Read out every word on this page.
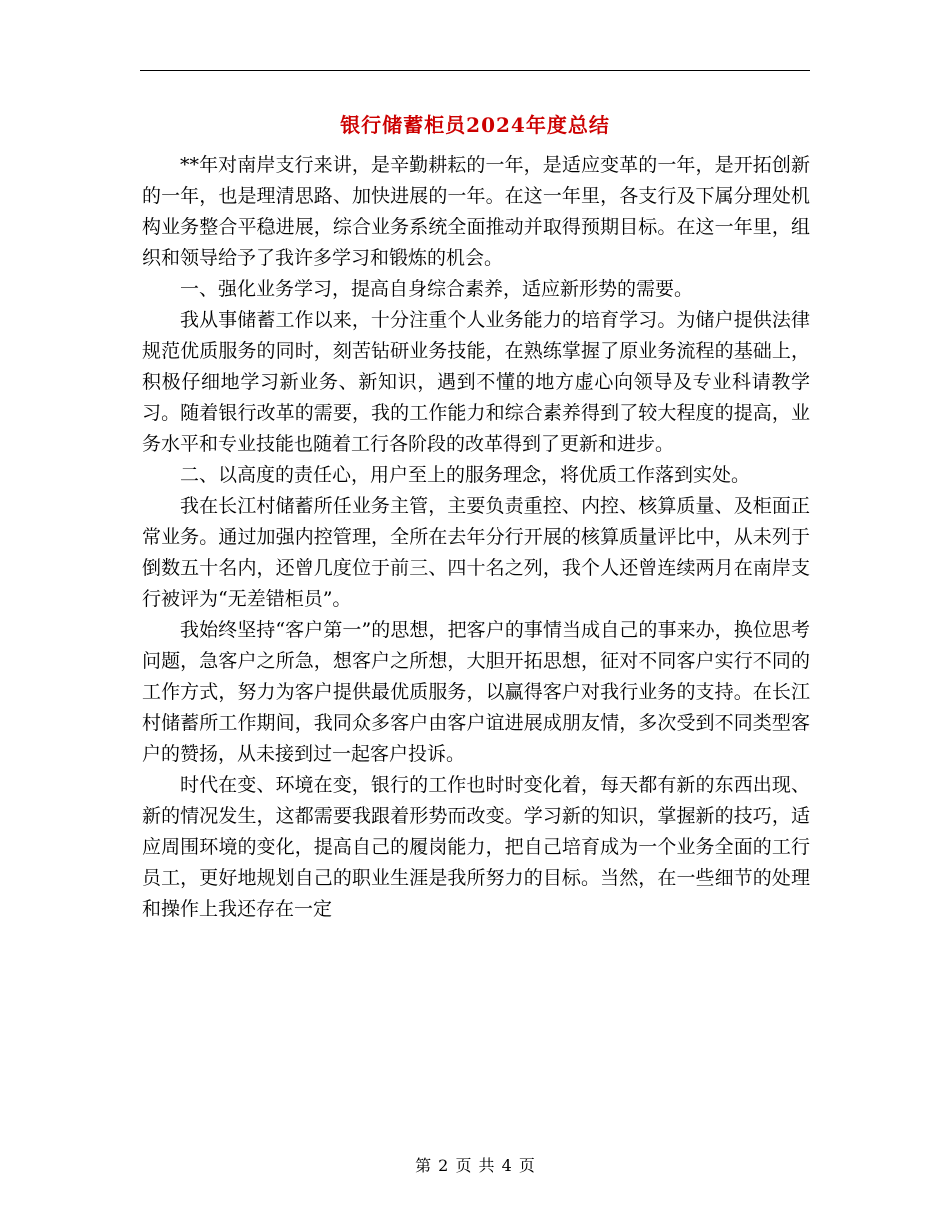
银行储蓄柜员2024年度总结

**年对南岸支行来讲，是辛勤耕耘的一年，是适应变革的一年，是开拓创新的一年，也是理清思路、加快进展的一年。在这一年里，各支行及下属分理处机构业务整合平稳进展，综合业务系统全面推动并取得预期目标。在这一年里，组织和领导给予了我许多学习和锻炼的机会。

一、强化业务学习，提高自身综合素养，适应新形势的需要。

我从事储蓄工作以来，十分注重个人业务能力的培育学习。为储户提供法律规范优质服务的同时，刻苦钻研业务技能，在熟练掌握了原业务流程的基础上，积极仔细地学习新业务、新知识，遇到不懂的地方虚心向领导及专业科请教学习。随着银行改革的需要，我的工作能力和综合素养得到了较大程度的提高，业务水平和专业技能也随着工行各阶段的改革得到了更新和进步。

二、以高度的责任心，用户至上的服务理念，将优质工作落到实处。

我在长江村储蓄所任业务主管，主要负责重控、内控、核算质量、及柜面正常业务。通过加强内控管理，全所在去年分行开展的核算质量评比中，从未列于倒数五十名内，还曾几度位于前三、四十名之列，我个人还曾连续两月在南岸支行被评为“无差错柜员”。

我始终坚持“客户第一”的思想，把客户的事情当成自己的事来办，换位思考问题，急客户之所急，想客户之所想，大胆开拓思想，征对不同客户实行不同的工作方式，努力为客户提供最优质服务，以赢得客户对我行业务的支持。在长江村储蓄所工作期间，我同众多客户由客户谊进展成朋友情，多次受到不同类型客户的赞扬，从未接到过一起客户投诉。

时代在变、环境在变，银行的工作也时时变化着，每天都有新的东西出现、新的情况发生，这都需要我跟着形势而改变。学习新的知识，掌握新的技巧，适应周围环境的变化，提高自己的履岗能力，把自己培育成为一个业务全面的工行员工，更好地规划自己的职业生涯是我所努力的目标。当然，在一些细节的处理和操作上我还存在一定

第 2 页 共 4 页
